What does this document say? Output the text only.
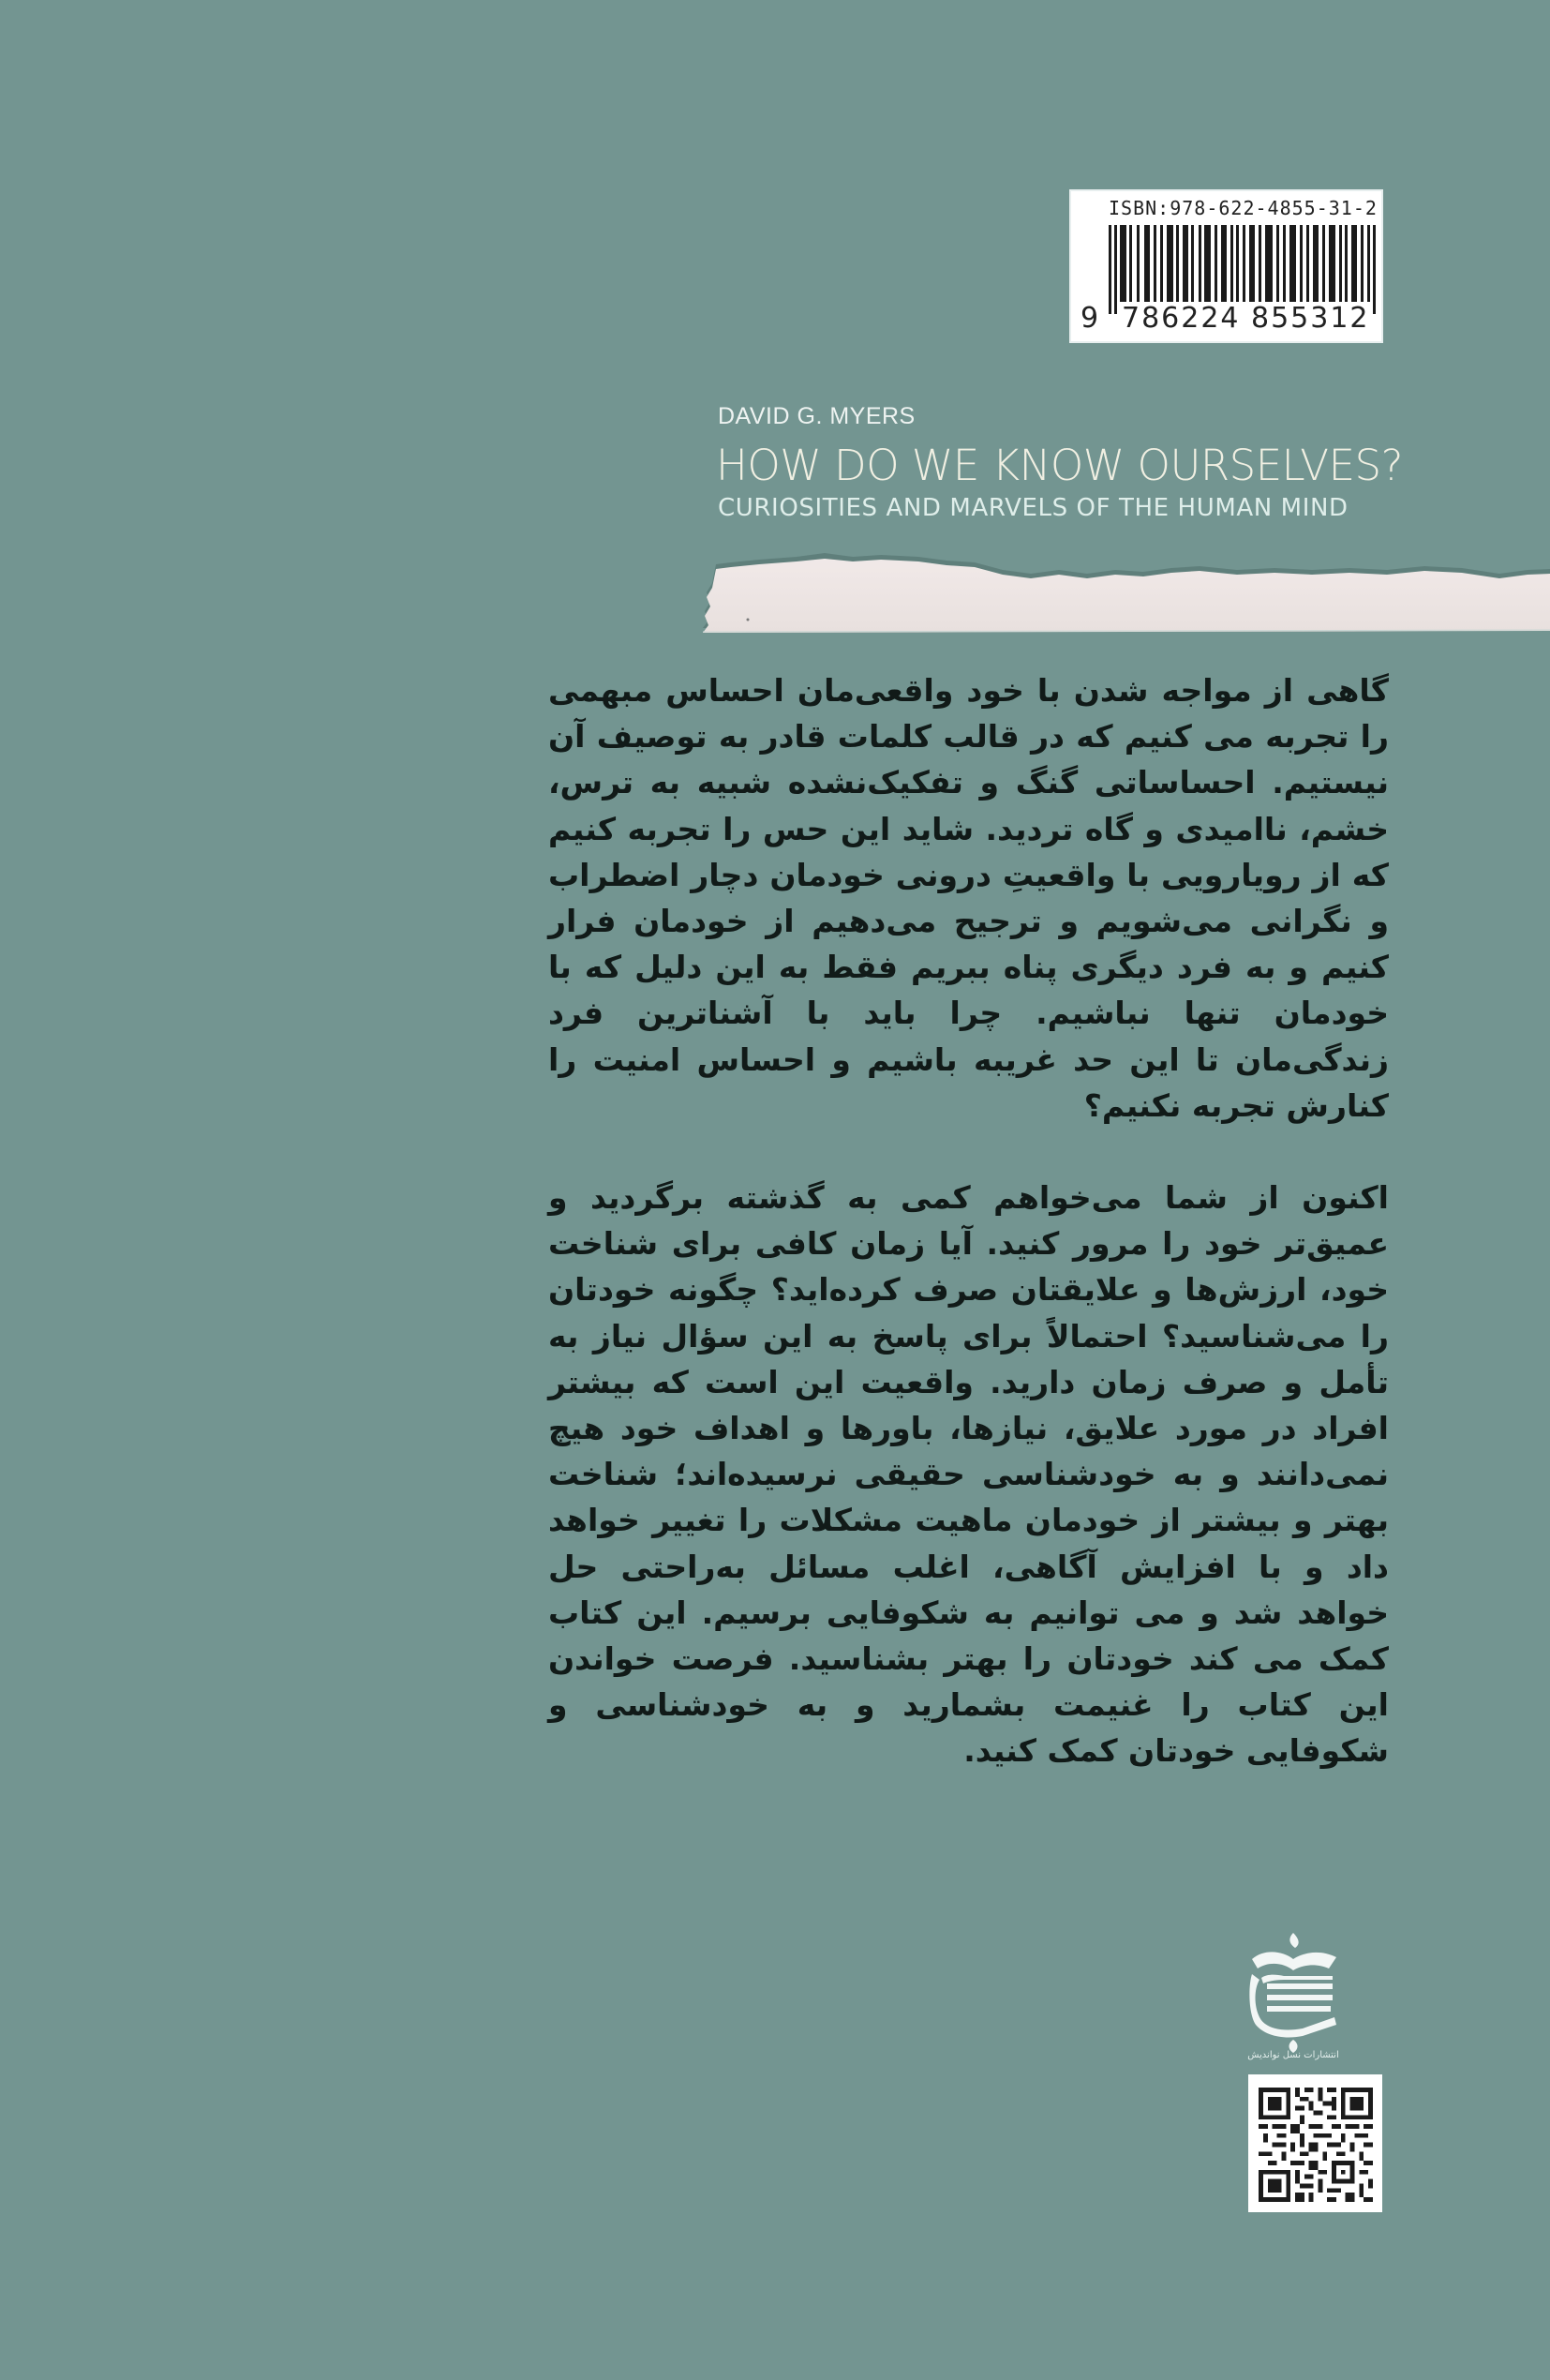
ISBN:978-622-4855-31-2
9 786224 855312
DAVID G. MYERS
HOW DO WE KNOW OURSELVES?
CURIOSITIES AND MARVELS OF THE HUMAN MIND

گاهی از مواجه شدن با خود واقعی‌مان احساس مبهمی را تجربه می کنیم که در قالب کلمات قادر به توصیف آن نیستیم. احساساتی گنگ و تفکیک‌نشده شبیه به ترس، خشم، ناامیدی و گاه تردید. شاید این حس را تجربه کنیم که از رویارویی با واقعیتِ درونی خودمان دچار اضطراب و نگرانی می‌شویم و ترجیح می‌دهیم از خودمان فرار کنیم و به فرد دیگری پناه ببریم فقط به این دلیل که با خودمان تنها نباشیم. چرا باید با آشناترین فرد زندگی‌مان تا این حد غریبه باشیم و احساس امنیت را کنارش تجربه نکنیم؟

اکنون از شما می‌خواهم کمی به گذشته برگردید و عمیق‌تر خود را مرور کنید. آیا زمان کافی برای شناخت خود، ارزش‌ها و علایقتان صرف کرده‌اید؟ چگونه خودتان را می‌شناسید؟ احتمالاً برای پاسخ به این سؤال نیاز به تأمل و صرف زمان دارید. واقعیت این است که بیشتر افراد در مورد علایق، نیازها، باورها و اهداف خود هیچ نمی‌دانند و به خودشناسی حقیقی نرسیده‌اند؛ شناخت بهتر و بیشتر از خودمان ماهیت مشکلات را تغییر خواهد داد و با افزایش آگاهی، اغلب مسائل به‌راحتی حل خواهد شد و می توانیم به شکوفایی برسیم. این کتاب کمک می کند خودتان را بهتر بشناسید. فرصت خواندن این کتاب را غنیمت بشمارید و به خودشناسی و شکوفایی خودتان کمک کنید.

انتشارات نسل نواندیش
